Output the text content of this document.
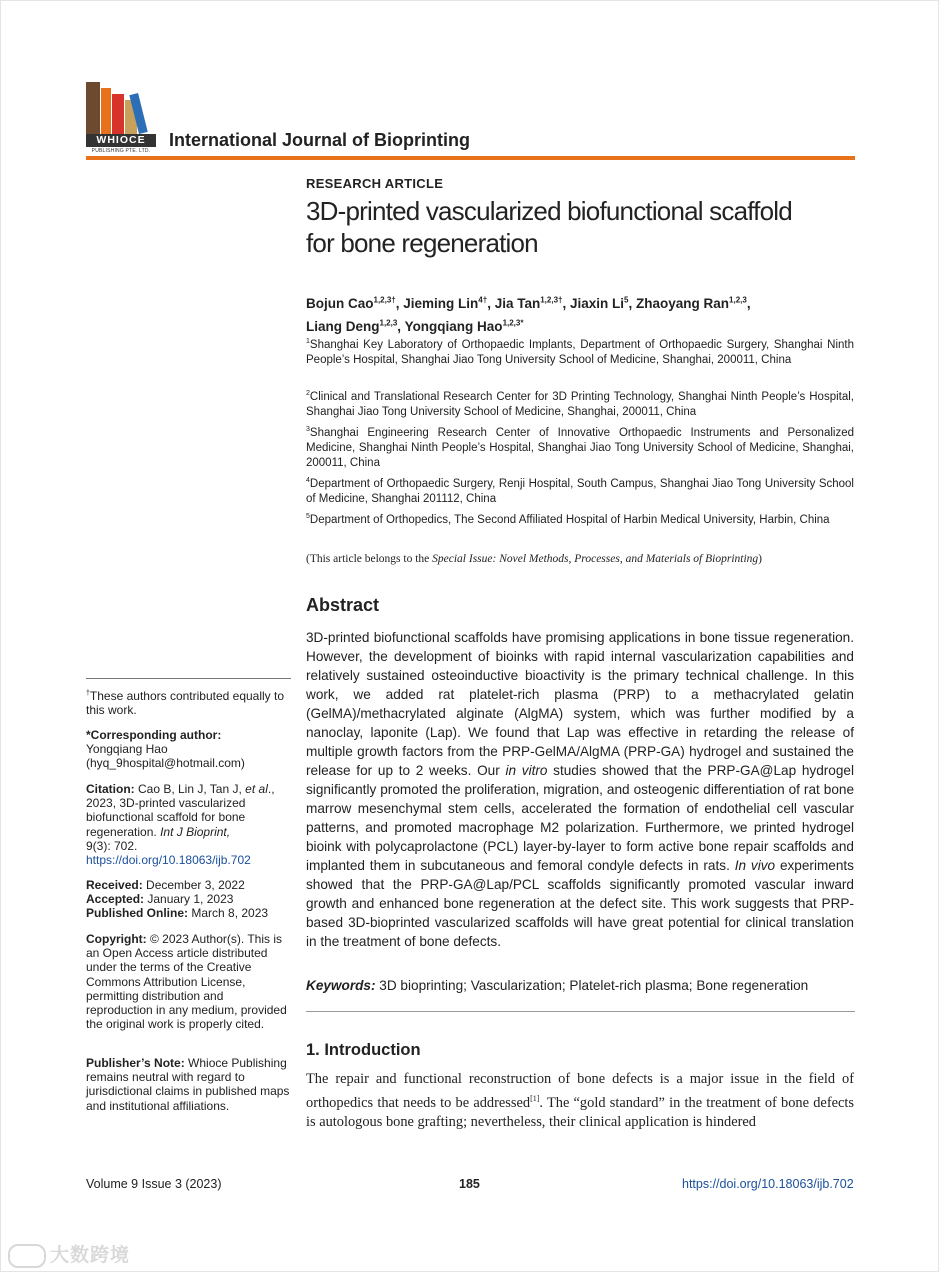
WHIOCE
PUBLISHING PTE. LTD.
International Journal of Bioprinting
RESEARCH ARTICLE
3D-printed vascularized biofunctional scaffold
for bone regeneration
Bojun Cao$^{1,2,3\dagger}$, Jieming Lin$^{4\dagger}$, Jia Tan$^{1,2,3\dagger}$, Jiaxin Li$^5$, Zhaoyang Ran$^{1,2,3}$,
Liang Deng$^{1,2,3}$, Yongqiang Hao$^{1,2,3*}$
$^1$Shanghai Key Laboratory of Orthopaedic Implants, Department of Orthopaedic Surgery, Shanghai Ninth People’s Hospital, Shanghai Jiao Tong University School of Medicine, Shanghai, 200011, China
$^2$Clinical and Translational Research Center for 3D Printing Technology, Shanghai Ninth People’s Hospital, Shanghai Jiao Tong University School of Medicine, Shanghai, 200011, China
$^3$Shanghai Engineering Research Center of Innovative Orthopaedic Instruments and Personalized Medicine, Shanghai Ninth People’s Hospital, Shanghai Jiao Tong University School of Medicine, Shanghai, 200011, China
$^4$Department of Orthopaedic Surgery, Renji Hospital, South Campus, Shanghai Jiao Tong University School of Medicine, Shanghai 201112, China
$^5$Department of Orthopedics, The Second Affiliated Hospital of Harbin Medical University, Harbin, China
(This article belongs to the Special Issue: Novel Methods, Processes, and Materials of Bioprinting)
Abstract
3D-printed biofunctional scaffolds have promising applications in bone tissue regeneration. However, the development of bioinks with rapid internal vascularization capabilities and relatively sustained osteoinductive bioactivity is the primary technical challenge. In this work, we added rat platelet-rich plasma (PRP) to a methacrylated gelatin (GelMA)/methacrylated alginate (AlgMA) system, which was further modified by a nanoclay, laponite (Lap). We found that Lap was effective in retarding the release of multiple growth factors from the PRP-GelMA/AlgMA (PRP-GA) hydrogel and sustained the release for up to 2 weeks. Our in vitro studies showed that the PRP-GA@Lap hydrogel significantly promoted the proliferation, migration, and osteogenic differentiation of rat bone marrow mesenchymal stem cells, accelerated the formation of endothelial cell vascular patterns, and promoted macrophage M2 polarization. Furthermore, we printed hydrogel bioink with polycaprolactone (PCL) layer-by-layer to form active bone repair scaffolds and implanted them in subcutaneous and femoral condyle defects in rats. In vivo experiments showed that the PRP-GA@Lap/PCL scaffolds significantly promoted vascular inward growth and enhanced bone regeneration at the defect site. This work suggests that PRP-based 3D-bioprinted vascularized scaffolds will have great potential for clinical translation in the treatment of bone defects.
Keywords: 3D bioprinting; Vascularization; Platelet-rich plasma; Bone regeneration
1. Introduction
The repair and functional reconstruction of bone defects is a major issue in the field of orthopedics that needs to be addressed[1]. The “gold standard” in the treatment of bone defects is autologous bone grafting; nevertheless, their clinical application is hindered
†These authors contributed equally to this work.
*Corresponding author:
Yongqiang Hao
(hyq_9hospital@hotmail.com)
Citation: Cao B, Lin J, Tan J, et al., 2023, 3D-printed vascularized biofunctional scaffold for bone regeneration. Int J Bioprint,
9(3): 702.
https://doi.org/10.18063/ijb.702
Received: December 3, 2022
Accepted: January 1, 2023
Published Online: March 8, 2023
Copyright: © 2023 Author(s). This is an Open Access article distributed under the terms of the Creative Commons Attribution License, permitting distribution and reproduction in any medium, provided the original work is properly cited.
Publisher’s Note: Whioce Publishing remains neutral with regard to jurisdictional claims in published maps and institutional affiliations.
Volume 9 Issue 3 (2023)	185	https://doi.org/10.18063/ijb.702
大数跨境
